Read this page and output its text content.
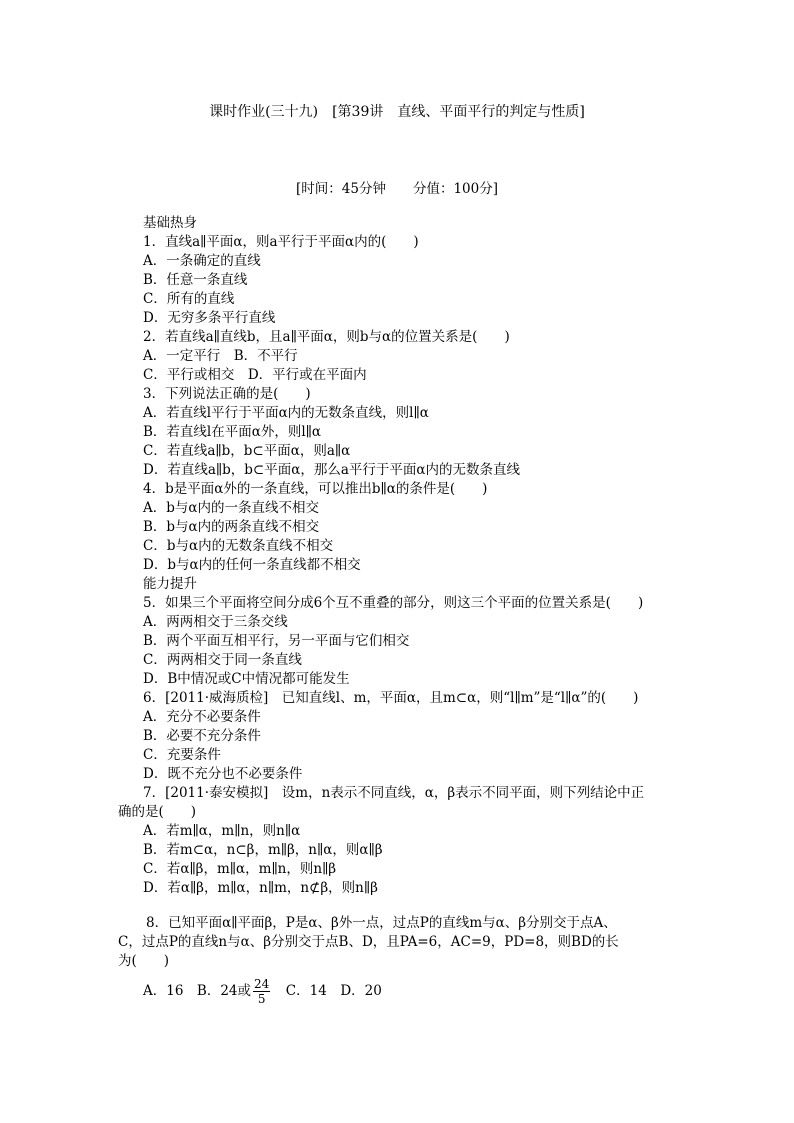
课时作业(三十九)　[第39讲　直线、平面平行的判定与性质]
[时间：45分钟　　分值：100分]
基础热身
1．直线a∥平面α，则a平行于平面α内的(　　)
A．一条确定的直线
B．任意一条直线
C．所有的直线
D．无穷多条平行直线
2．若直线a∥直线b，且a∥平面α，则b与α的位置关系是(　　)
A．一定平行　B．不平行
C．平行或相交　D．平行或在平面内
3．下列说法正确的是(　　)
A．若直线l平行于平面α内的无数条直线，则l∥α
B．若直线l在平面α外，则l∥α
C．若直线a∥b，b⊂平面α，则a∥α
D．若直线a∥b，b⊂平面α，那么a平行于平面α内的无数条直线
4．b是平面α外的一条直线，可以推出b∥α的条件是(　　)
A．b与α内的一条直线不相交
B．b与α内的两条直线不相交
C．b与α内的无数条直线不相交
D．b与α内的任何一条直线都不相交
能力提升
5．如果三个平面将空间分成6个互不重叠的部分，则这三个平面的位置关系是(　　)
A．两两相交于三条交线
B．两个平面互相平行，另一平面与它们相交
C．两两相交于同一条直线
D．B中情况或C中情况都可能发生
6．[2011·威海质检]　已知直线l、m，平面α，且m⊂α，则“l∥m”是“l∥α”的(　　)
A．充分不必要条件
B．必要不充分条件
C．充要条件
D．既不充分也不必要条件
7．[2011·泰安模拟]　设m，n表示不同直线，α，β表示不同平面，则下列结论中正
确的是(　　)
A．若m∥α，m∥n，则n∥α
B．若m⊂α，n⊂β，m∥β，n∥α，则α∥β
C．若α∥β，m∥α，m∥n，则n∥β
D．若α∥β，m∥α，n∥m，n⊄β，则n∥β
8．已知平面α∥平面β，P是α、β外一点，过点P的直线m与α、β分别交于点A、
C，过点P的直线n与α、β分别交于点B、D，且PA=6，AC=9，PD=8，则BD的长
为(　　)
A．16　B．24或 $\frac{24}{5}$ 　C．14　D．20
